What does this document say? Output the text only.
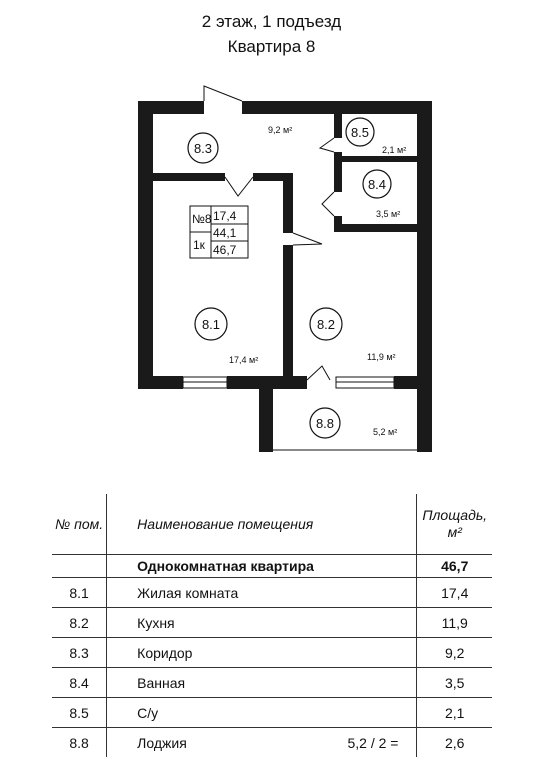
2 этаж, 1 подъезд
Квартира 8
№8
1к
17,4
44,1
46,7
8.3
9,2 м²	8.5
2,1 м²
8.4
3,5 м²
8.1
17,4 м²
8.2
11,9 м²
8.8
5,2 м²
№ пом.	Наименование помещения	Площадь, м²
	Однокомнатная квартира	46,7
8.1	Жилая комната	17,4
8.2	Кухня	11,9
8.3	Коридор	9,2
8.4	Ванная	3,5
8.5	С/у	2,1
8.8	Лоджия 5,2 / 2 =	2,6
